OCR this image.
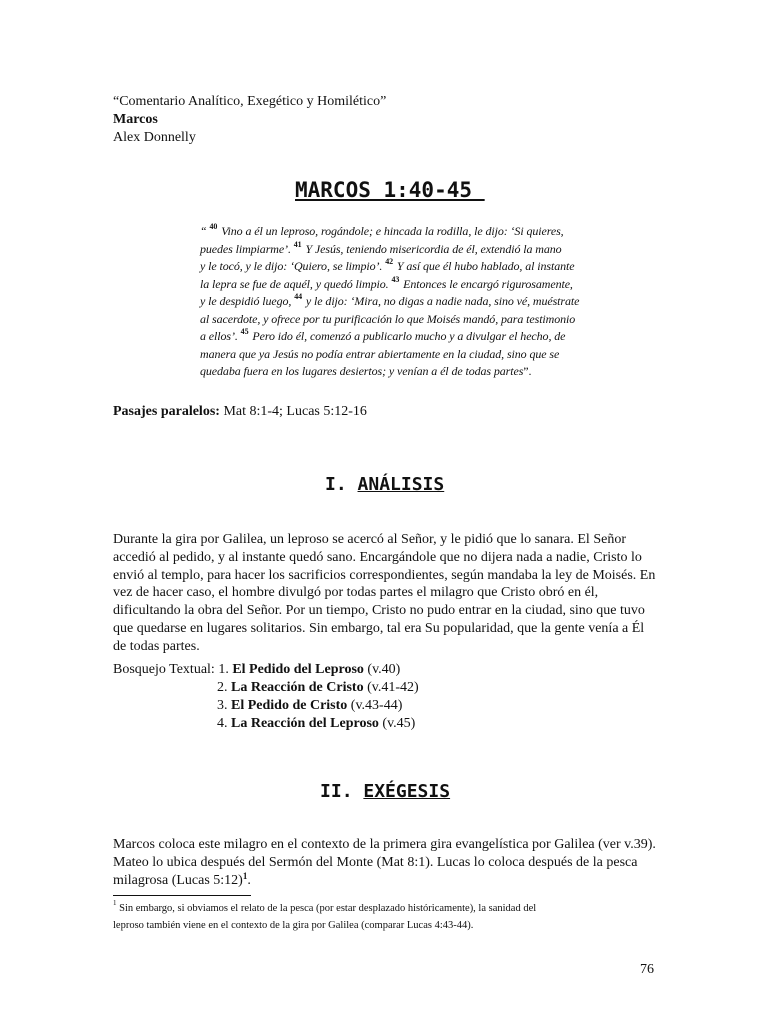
“Comentario Analítico, Exegético y Homilético”
Marcos
Alex Donnelly
MARCOS 1:40-45
“ $^{40}$ Vino a él un leproso, rogándole; e hincada la rodilla, le dijo: ‘Si quieres,
puedes limpiarme’. $^{41}$ Y Jesús, teniendo misericordia de él, extendió la mano
y le tocó, y le dijo: ‘Quiero, se limpio’. $^{42}$ Y así que él hubo hablado, al instante
la lepra se fue de aquél, y quedó limpio. $^{43}$ Entonces le encargó rigurosamente,
y le despidió luego, $^{44}$ y le dijo: ‘Mira, no digas a nadie nada, sino vé, muéstrate
al sacerdote, y ofrece por tu purificación lo que Moisés mandó, para testimonio
a ellos’. $^{45}$ Pero ido él, comenzó a publicarlo mucho y a divulgar el hecho, de
manera que ya Jesús no podía entrar abiertamente en la ciudad, sino que se
quedaba fuera en los lugares desiertos; y venían a él de todas partes”.
Pasajes paralelos: Mat 8:1-4; Lucas 5:12-16
I. ANÁLISIS
Durante la gira por Galilea, un leproso se acercó al Señor, y le pidió que lo sanara. El Señor
accedió al pedido, y al instante quedó sano. Encargándole que no dijera nada a nadie, Cristo lo
envió al templo, para hacer los sacrificios correspondientes, según mandaba la ley de Moisés. En
vez de hacer caso, el hombre divulgó por todas partes el milagro que Cristo obró en él,
dificultando la obra del Señor. Por un tiempo, Cristo no pudo entrar en la ciudad, sino que tuvo
que quedarse en lugares solitarios. Sin embargo, tal era Su popularidad, que la gente venía a Él
de todas partes.
Bosquejo Textual: 1. El Pedido del Leproso (v.40)
2. La Reacción de Cristo (v.41-42)
3. El Pedido de Cristo (v.43-44)
4. La Reacción del Leproso (v.45)
II. EXÉGESIS
Marcos coloca este milagro en el contexto de la primera gira evangelística por Galilea (ver v.39).
Mateo lo ubica después del Sermón del Monte (Mat 8:1). Lucas lo coloca después de la pesca
milagrosa (Lucas 5:12)$^1$.
$^1$ Sin embargo, si obviamos el relato de la pesca (por estar desplazado históricamente), la sanidad del
leproso también viene en el contexto de la gira por Galilea (comparar Lucas 4:43-44).
76
